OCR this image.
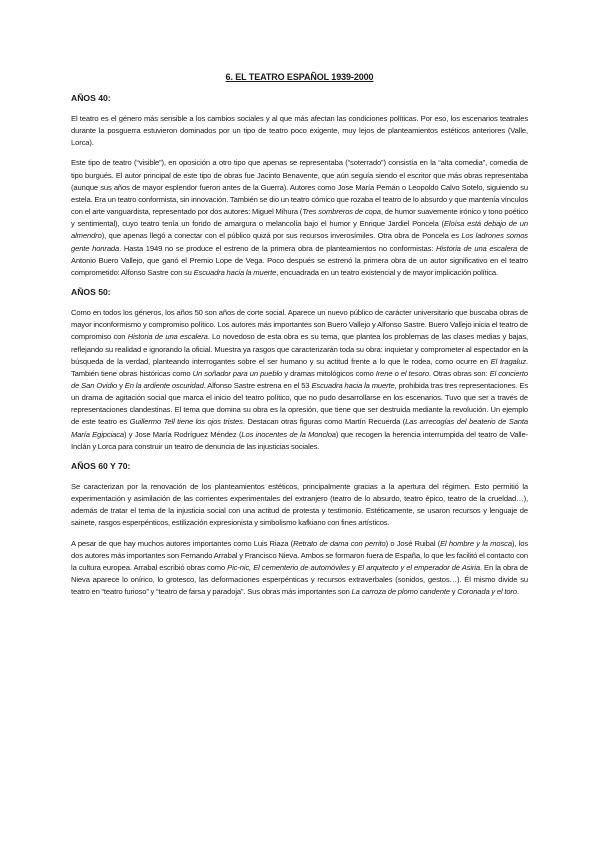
6. EL TEATRO ESPAÑOL 1939-2000
AÑOS 40:

El teatro es el género más sensible a los cambios sociales y al que más afectan las condiciones políticas. Por eso, los escenarios teatrales durante la posguerra estuvieron dominados por un tipo de teatro poco exigente, muy lejos de planteamientos estéticos anteriores (Valle, Lorca).

Este tipo de teatro (“visible”), en oposición a otro tipo que apenas se representaba (“soterrado”) consistía en la “alta comedia”, comedia de tipo burgués. El autor principal de este tipo de obras fue Jacinto Benavente, que aún seguía siendo el escritor que más obras representaba (aunque sus años de mayor esplendor fueron antes de la Guerra). Autores como Jose María Pemán o Leopoldo Calvo Sotelo, siguiendo su estela. Era un teatro conformista, sin innovación. También se dio un teatro cómico que rozaba el teatro de lo absurdo y que mantenía vínculos con el arte vanguardista, representado por dos autores: Miguel Mihura (Tres sombreros de copa, de humor suavemente irónico y tono poético y sentimental), cuyo teatro tenía un fondo de amargura o melancolía bajo el humor y Enrique Jardiel Poncela (Eloísa está debajo de un almendro), que apenas llegó a conectar con el público quizá por sus recursos inverosímiles. Otra obra de Poncela es Los ladrones somos gente honrada. Hasta 1949 no se produce el estreno de la primera obra de planteamientos no conformistas: Historia de una escalera de Antonio Buero Vallejo, que ganó el Premio Lope de Vega. Poco después se estrenó la primera obra de un autor significativo en el teatro comprometido: Alfonso Sastre con su Escuadra hacia la muerte, encuadrada en un teatro existencial y de mayor implicación política.

AÑOS 50:

Como en todos los géneros, los años 50 son años de corte social. Aparece un nuevo público de carácter universitario que buscaba obras de mayor inconformismo y compromiso político. Los autores más importantes son Buero Vallejo y Alfonso Sastre. Buero Vallejo inicia el teatro de compromiso con Historia de una escalera. Lo novedoso de esta obra es su tema, que plantea los problemas de las clases medias y bajas, reflejando su realidad e ignorando la oficial. Muestra ya rasgos que caracterizarán toda su obra: inquietar y comprometer al espectador en la búsqueda de la verdad, planteando interrogantes sobre el ser humano y su actitud frente a lo que le rodea, como ocurre en El tragaluz. También tiene obras históricas como Un soñador para un pueblo y dramas mitológicos como Irene o el tesoro. Otras obras son: El concierto de San Ovidio y En la ardiente oscuridad. Alfonso Sastre estrena en el 53 Escuadra hacia la muerte, prohibida tras tres representaciones. Es un drama de agitación social que marca el inicio del teatro político, que no pudo desarrollarse en los escenarios. Tuvo que ser a través de representaciones clandestinas. El tema que domina su obra es la opresión, que tiene que ser destruida mediante la revolución. Un ejemplo de este teatro es Guillermo Tell tiene los ojos tristes. Destacan otras figuras como Martín Recuerda (Las arrecogías del beaterio de Santa María Egipciaca) y Jose María Rodríguez Méndez (Los inocentes de la Moncloa) que recogen la herencia interrumpida del teatro de Valle-Inclán y Lorca para construir un teatro de denuncia de las injusticias sociales.

AÑOS 60 Y 70:

Se caracterizan por la renovación de los planteamientos estéticos, principalmente gracias a la apertura del régimen. Esto permitió la experimentación y asimilación de las corrientes experimentales del extranjero (teatro de lo absurdo, teatro épico, teatro de la crueldad…), además de tratar el tema de la injusticia social con una actitud de protesta y testimonio. Estéticamente, se usaron recursos y lenguaje de sainete, rasgos esperpénticos, estilización expresionista y simbolismo kafkiano con fines artísticos.

A pesar de que hay muchos autores importantes como Luis Riaza (Retrato de dama con perrito) o José Ruibal (El hombre y la mosca), los dos autores más importantes son Fernando Arrabal y Francisco Nieva. Ambos se formaron fuera de España, lo que les facilitó el contacto con la cultura europea. Arrabal escribió obras como Pic-nic, El cementerio de automóviles y El arquitecto y el emperador de Asiria. En la obra de Nieva aparece lo onírico, lo grotesco, las deformaciones esperpénticas y recursos extraverbales (sonidos, gestos…). Él mismo divide su teatro en “teatro furioso” y “teatro de farsa y paradoja”. Sus obras más importantes son La carroza de plomo candente y Coronada y el toro.
